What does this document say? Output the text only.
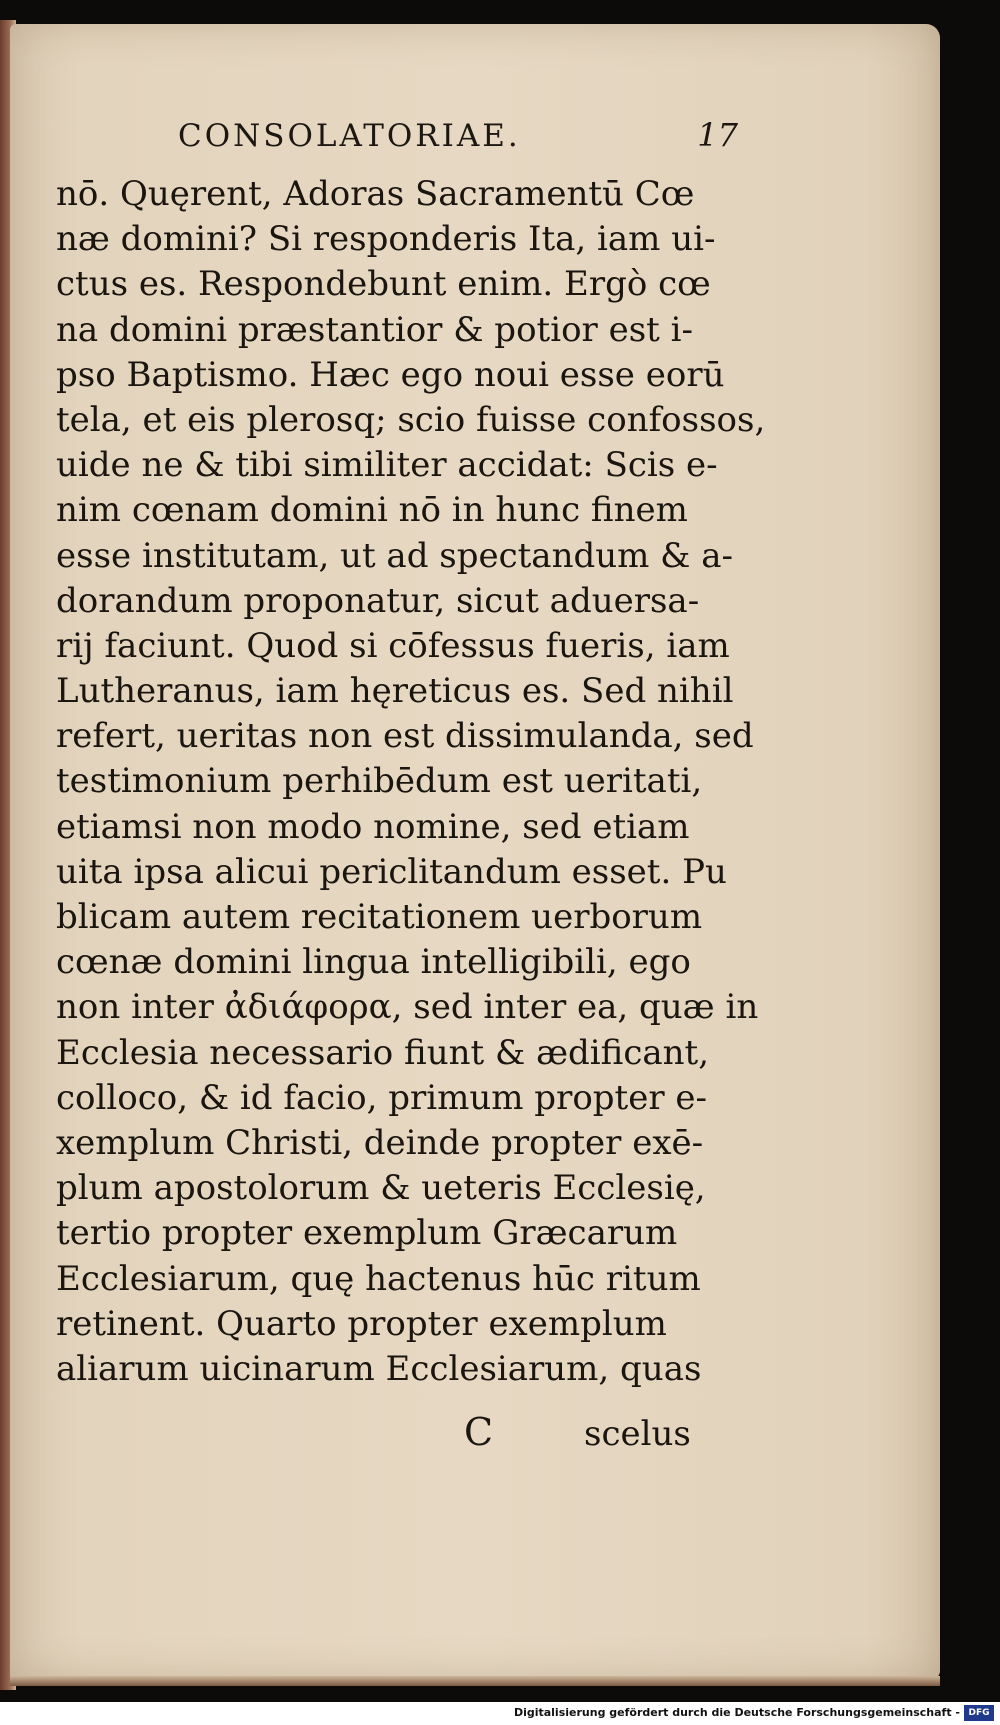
CONSOLATORIAE.	17
nō. Quęrent, Adoras Sacramentū Cœ
næ domini? Si responderis Ita, iam ui-
ctus es. Respondebunt enim. Ergò cœ
na domini præstantior & potior est i-
pso Baptismo. Hæc ego noui esse eorū
tela, et eis plerosq; scio fuisse confossos,
uide ne & tibi similiter accidat: Scis e-
nim cœnam domini nō in hunc finem
esse institutam, ut ad spectandum & a-
dorandum proponatur, sicut aduersa-
rij faciunt. Quod si cōfessus fueris, iam
Lutheranus, iam hęreticus es. Sed nihil
refert, ueritas non est dissimulanda, sed
testimonium perhibēdum est ueritati,
etiamsi non modo nomine, sed etiam
uita ipsa alicui periclitandum esset. Pu
blicam autem recitationem uerborum
cœnæ domini lingua intelligibili, ego
non inter ἀδιάφορα, sed inter ea, quæ in
Ecclesia necessario fiunt & ædificant,
colloco, & id facio, primum propter e-
xemplum Christi, deinde propter exē-
plum apostolorum & ueteris Ecclesię,
tertio propter exemplum Græcarum
Ecclesiarum, quę hactenus hūc ritum
retinent. Quarto propter exemplum
aliarum uicinarum Ecclesiarum, quas
C	scelus
Digitalisierung gefördert durch die Deutsche Forschungsgemeinschaft - DFG
